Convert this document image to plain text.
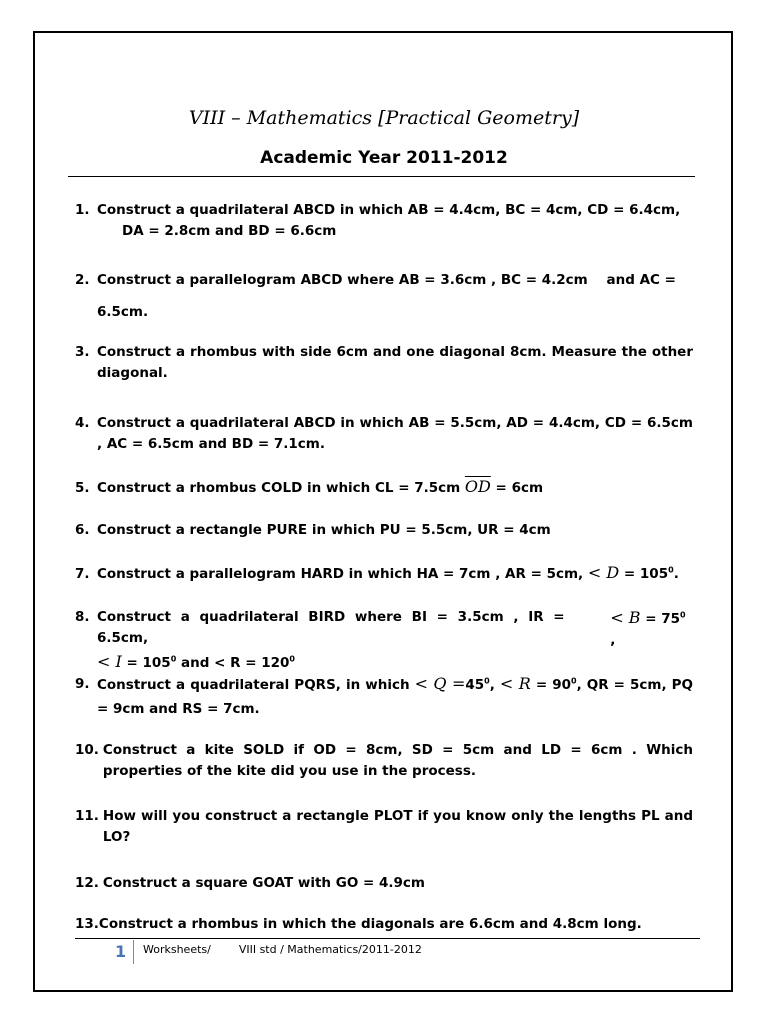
VIII – Mathematics [Practical Geometry]
Academic Year 2011-2012
1. Construct a quadrilateral ABCD in which AB = 4.4cm, BC = 4cm, CD = 6.4cm,
DA = 2.8cm and BD = 6.6cm
2. Construct a parallelogram ABCD where AB = 3.6cm , BC = 4.2cm    and AC =
6.5cm.
3. Construct a rhombus with side 6cm and one diagonal 8cm. Measure the other diagonal.
4. Construct a quadrilateral ABCD in which AB = 5.5cm, AD = 4.4cm, CD = 6.5cm , AC = 6.5cm and BD = 7.1cm.
5. Construct a rhombus COLD in which CL = 7.5cm $\overline{OD} = 6cm$
6. Construct a rectangle PURE in which PU = 5.5cm, UR = 4cm
7. Construct a parallelogram HARD in which HA = 7cm , AR = 5cm, < $D = 105^0$.
8. Construct a quadrilateral BIRD where BI = 3.5cm , IR = 6.5cm,
< $B = 75^0$ ,
< $I = 105^0$ and < $R = 120^0$
9. Construct a quadrilateral PQRS, in which < $Q =45^0$, < $R = 90^0$, QR = 5cm, PQ = 9cm and RS = 7cm.
10. Construct a kite SOLD if OD = 8cm, SD = 5cm and LD = 6cm . Which properties of the kite did you use in the process.
11. How will you construct a rectangle PLOT if you know only the lengths PL and LO?
12. Construct a square GOAT with GO = 4.9cm
13.Construct a rhombus in which the diagonals are 6.6cm and 4.8cm long.
1 Worksheets/        VIII std / Mathematics/2011-2012
